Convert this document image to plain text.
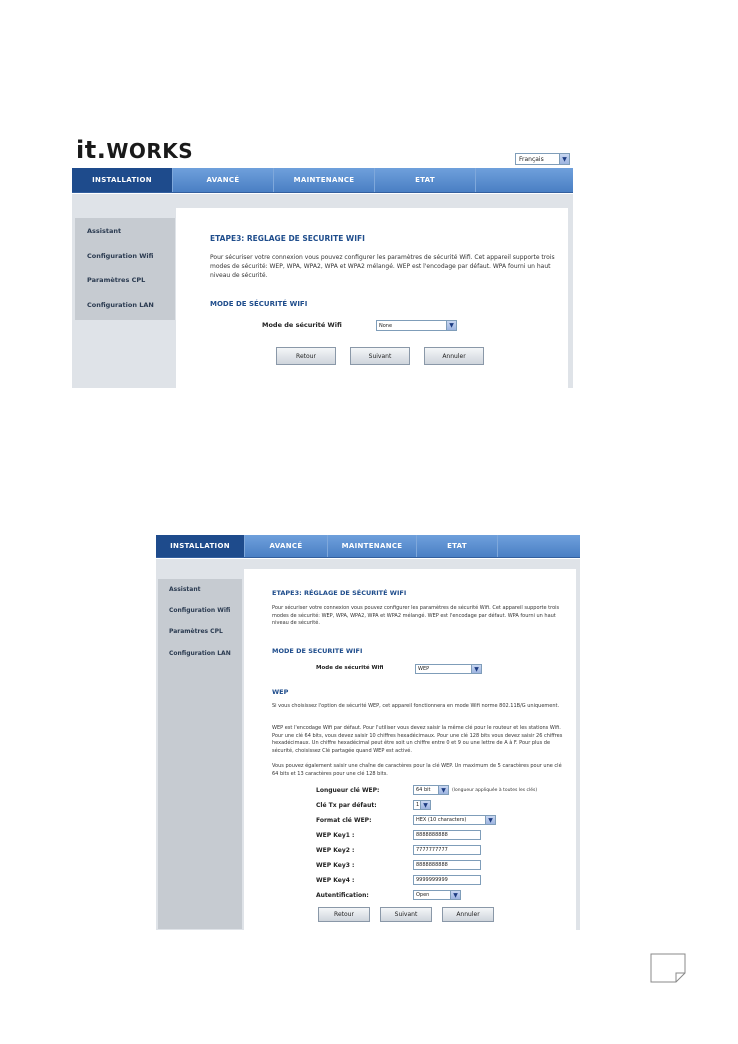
it.WORKS	Français	▼
INSTALLATION	AVANCÉ	MAINTENANCE	ETAT
Assistant
Configuration Wifi
Paramètres CPL
Configuration LAN
ETAPE3: REGLAGE DE SECURITE WIFI
Pour sécuriser votre connexion vous pouvez configurer les paramètres de sécurité Wifi. Cet appareil supporte trois modes de sécurité: WEP, WPA, WPA2, WPA et WPA2 mélangé. WEP est l'encodage par défaut. WPA fourni un haut niveau de sécurité.
MODE DE SÉCURITÉ WIFI
Mode de sécurité Wifi	None	▼
Retour	Suivant	Annuler
INSTALLATION	AVANCÉ	MAINTENANCE	ETAT
Assistant
Configuration Wifi
Paramètres CPL
Configuration LAN
ETAPE3: RÉGLAGE DE SÉCURITÉ WIFI
Pour sécuriser votre connexion vous pouvez configurer les paramètres de sécurité Wifi. Cet appareil supporte trois modes de sécurité: WEP, WPA, WPA2, WPA et WPA2 mélangé. WEP est l'encodage par défaut. WPA fourni un haut niveau de sécurité.
MODE DE SECURITE WIFI
Mode de sécurité Wifi	WEP	▼
WEP
Si vous choisissez l'option de sécurité WEP, cet appareil fonctionnera en mode Wifi norme 802.11B/G uniquement.
WEP est l'encodage Wifi par défaut. Pour l'utiliser vous devez saisir la même clé pour le routeur et les stations Wifi. Pour une clé 64 bits, vous devez saisir 10 chiffres hexadécimaux. Pour une clé 128 bits vous devez saisir 26 chiffres hexadécimaux. Un chiffre hexadécimal peut être soit un chiffre entre 0 et 9 ou une lettre de A à F. Pour plus de sécurité, choisissez Clé partagée quand WEP est activé.
Vous pouvez également saisir une chaîne de caractères pour la clé WEP. Un maximum de 5 caractères pour une clé 64 bits et 13 caractères pour une clé 128 bits.
Longueur clé WEP:	64 bit	▼	(longueur appliquée à toutes les clés)
Clé Tx par défaut:	1 ▼
Format clé WEP:	HEX (10 characters)	▼
WEP Key1 :	8888888888
WEP Key2 :	7777777777
WEP Key3 :	8888888888
WEP Key4 :	9999999999
Autentification:	Open	▼
Retour	Suivant	Annuler
